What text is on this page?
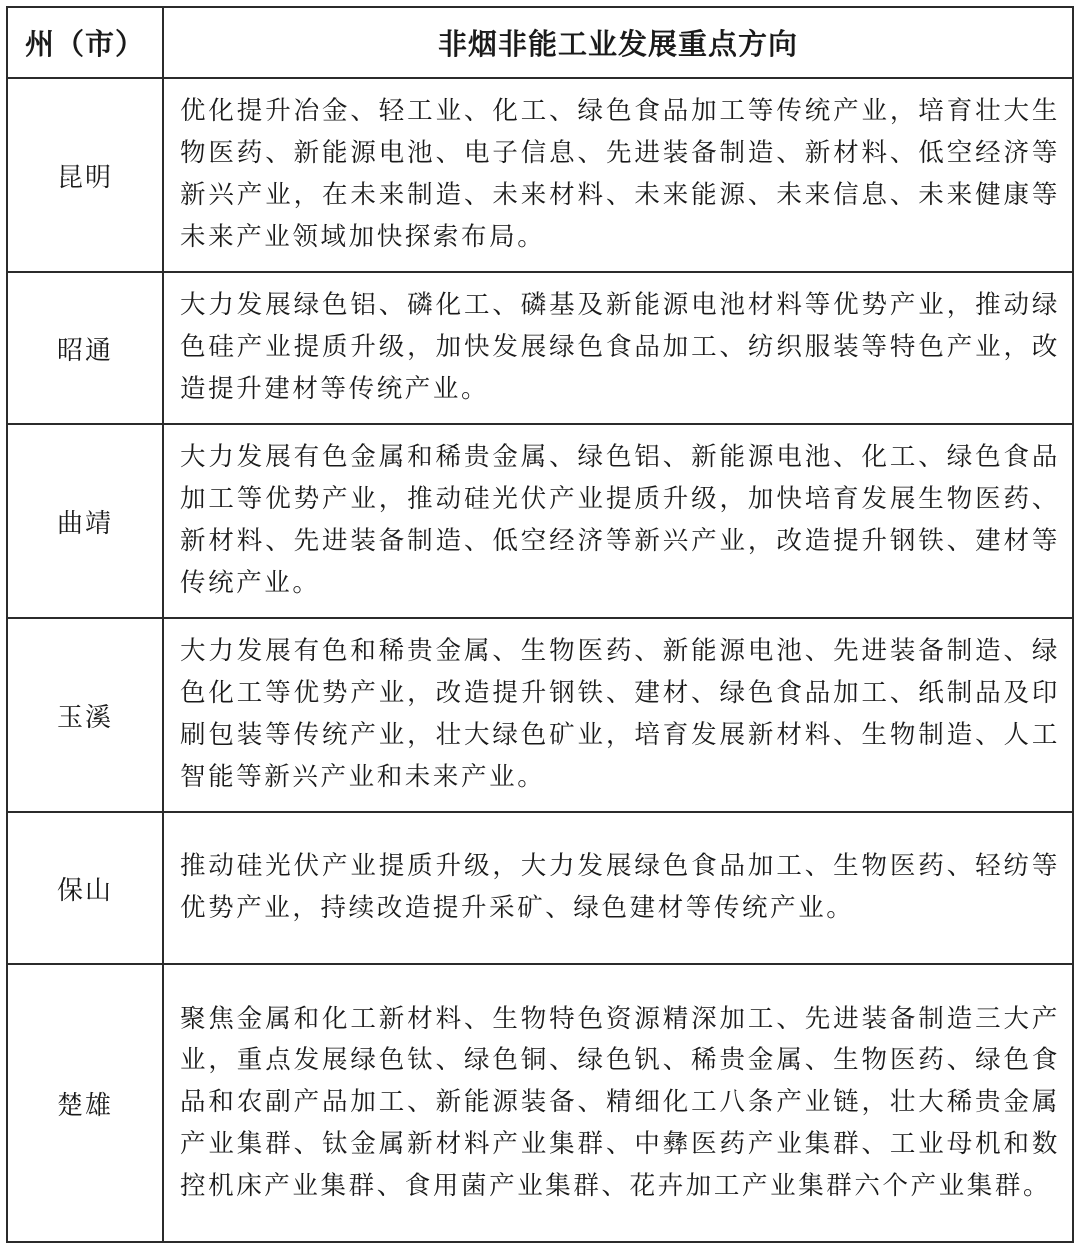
州（市）	非烟非能工业发展重点方向
昆明	优化提升冶金、轻工业、化工、绿色食品加工等传统产业，培育壮大生物医药、新能源电池、电子信息、先进装备制造、新材料、低空经济等新兴产业，在未来制造、未来材料、未来能源、未来信息、未来健康等未来产业领域加快探索布局。
昭通	大力发展绿色铝、磷化工、磷基及新能源电池材料等优势产业，推动绿色硅产业提质升级，加快发展绿色食品加工、纺织服装等特色产业，改造提升建材等传统产业。
曲靖	大力发展有色金属和稀贵金属、绿色铝、新能源电池、化工、绿色食品加工等优势产业，推动硅光伏产业提质升级，加快培育发展生物医药、新材料、先进装备制造、低空经济等新兴产业，改造提升钢铁、建材等传统产业。
玉溪	大力发展有色和稀贵金属、生物医药、新能源电池、先进装备制造、绿色化工等优势产业，改造提升钢铁、建材、绿色食品加工、纸制品及印刷包装等传统产业，壮大绿色矿业，培育发展新材料、生物制造、人工智能等新兴产业和未来产业。
保山	推动硅光伏产业提质升级，大力发展绿色食品加工、生物医药、轻纺等优势产业，持续改造提升采矿、绿色建材等传统产业。
楚雄	聚焦金属和化工新材料、生物特色资源精深加工、先进装备制造三大产业，重点发展绿色钛、绿色铜、绿色钒、稀贵金属、生物医药、绿色食品和农副产品加工、新能源装备、精细化工八条产业链，壮大稀贵金属产业集群、钛金属新材料产业集群、中彝医药产业集群、工业母机和数控机床产业集群、食用菌产业集群、花卉加工产业集群六个产业集群。
